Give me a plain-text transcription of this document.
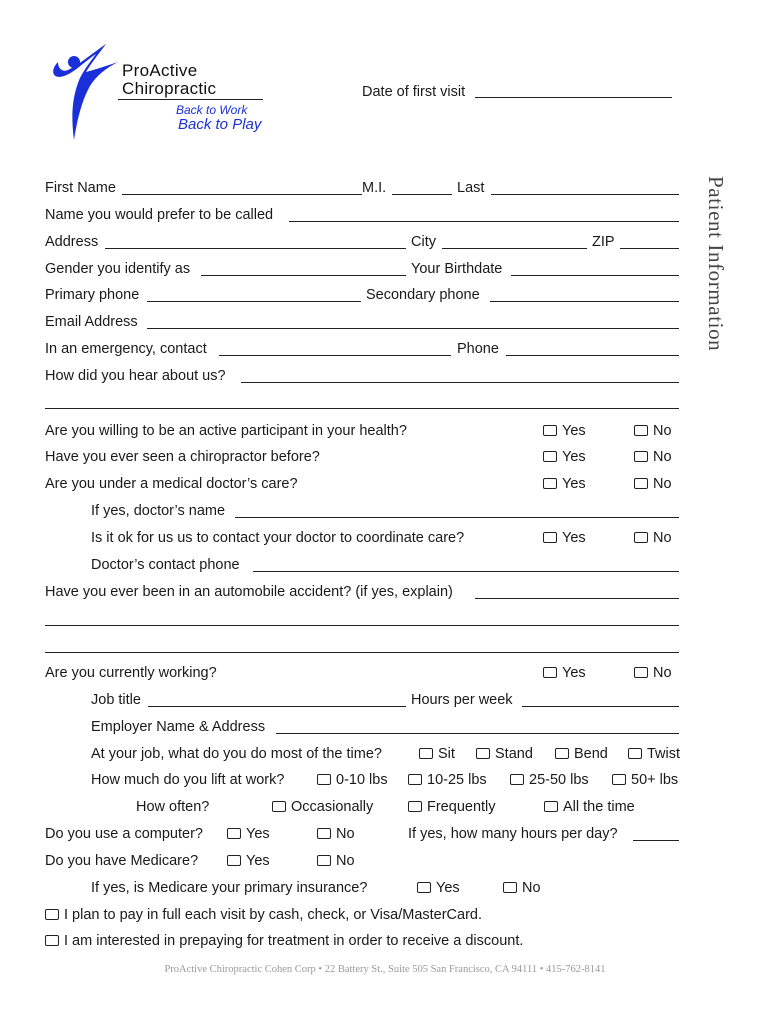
ProActive
Chiropractic
Back to Work
Back to Play
Date of first visit
Patient Information
First Name	M.I.	Last
Name you would prefer to be called
Address	City	ZIP
Gender you identify as	Your Birthdate
Primary phone	Secondary phone
Email Address
In an emergency, contact	Phone
How did you hear about us?
Are you willing to be an active participant in your health?	Yes	No
Have you ever seen a chiropractor before?	Yes	No
Are you under a medical doctor’s care?	Yes	No
If yes, doctor’s name
Is it ok for us us to contact your doctor to coordinate care?	Yes	No
Doctor’s contact phone
Have you ever been in an automobile accident? (if yes, explain)
Are you currently working?	Yes	No
Job title	Hours per week
Employer Name & Address
At your job, what do you do most of the time?	Sit	Stand	Bend	Twist
How much do you lift at work?	0-10 lbs	10-25 lbs	25-50 lbs	50+ lbs
How often?	Occasionally	Frequently	All the time
Do you use a computer?	Yes	No	If yes, how many hours per day?
Do you have Medicare?	Yes	No
If yes, is Medicare your primary insurance?	Yes	No
I plan to pay in full each visit by cash, check, or Visa/MasterCard.
I am interested in prepaying for treatment in order to receive a discount.
ProActive Chiropractic Cohen Corp • 22 Battery St., Suite 505 San Francisco, CA 94111 • 415-762-8141
